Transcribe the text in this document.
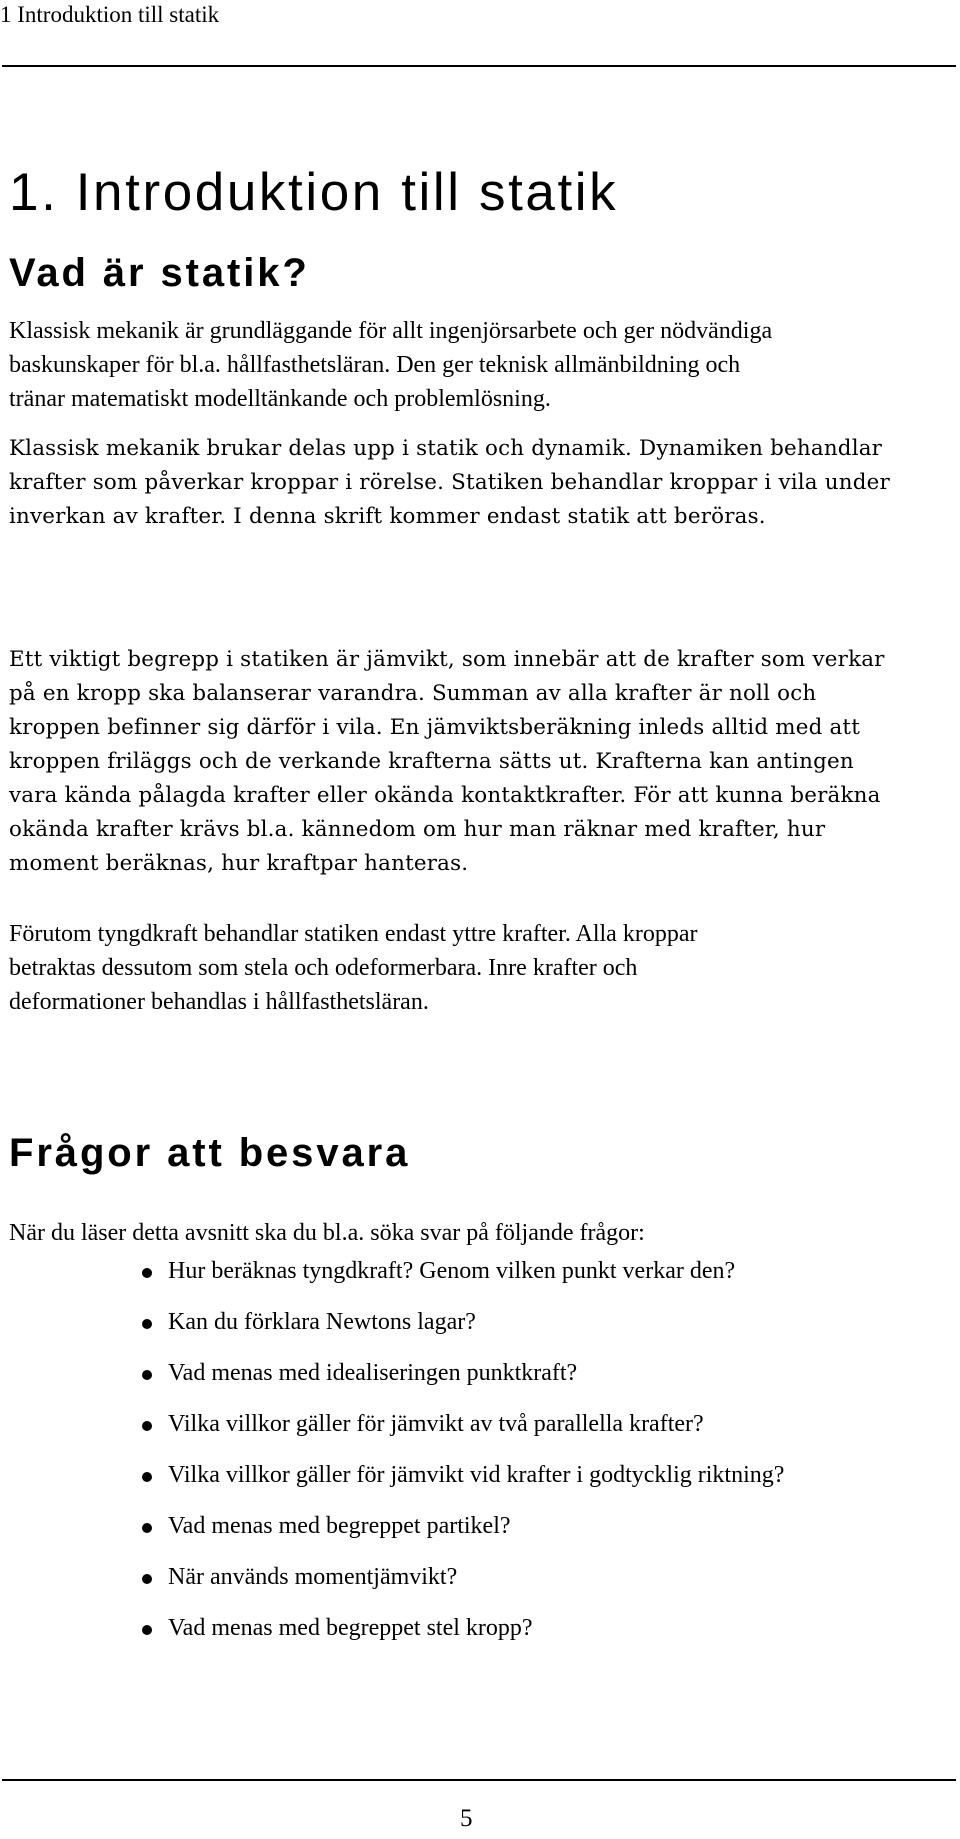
1 Introduktion till statik
1. Introduktion till statik
Vad är statik?

Klassisk mekanik är grundläggande för allt ingenjörsarbete och ger nödvändiga
baskunskaper för bl.a. hållfasthetsläran. Den ger teknisk allmänbildning och
tränar matematiskt modelltänkande och problemlösning.

Klassisk mekanik brukar delas upp i statik och dynamik. Dynamiken behandlar
krafter som påverkar kroppar i rörelse. Statiken behandlar kroppar i vila under
inverkan av krafter. I denna skrift kommer endast statik att beröras.

Ett viktigt begrepp i statiken är jämvikt, som innebär att de krafter som verkar
på en kropp ska balanserar varandra. Summan av alla krafter är noll och
kroppen befinner sig därför i vila. En jämviktsberäkning inleds alltid med att
kroppen friläggs och de verkande krafterna sätts ut. Krafterna kan antingen
vara kända pålagda krafter eller okända kontaktkrafter. För att kunna beräkna
okända krafter krävs bl.a. kännedom om hur man räknar med krafter, hur
moment beräknas, hur kraftpar hanteras.

Förutom tyngdkraft behandlar statiken endast yttre krafter. Alla kroppar
betraktas dessutom som stela och odeformerbara. Inre krafter och
deformationer behandlas i hållfasthetsläran.

Frågor att besvara

När du läser detta avsnitt ska du bl.a. söka svar på följande frågor:

Hur beräknas tyngdkraft? Genom vilken punkt verkar den?
Kan du förklara Newtons lagar?
Vad menas med idealiseringen punktkraft?
Vilka villkor gäller för jämvikt av två parallella krafter?
Vilka villkor gäller för jämvikt vid krafter i godtycklig riktning?
Vad menas med begreppet partikel?
När används momentjämvikt?
Vad menas med begreppet stel kropp?
5
